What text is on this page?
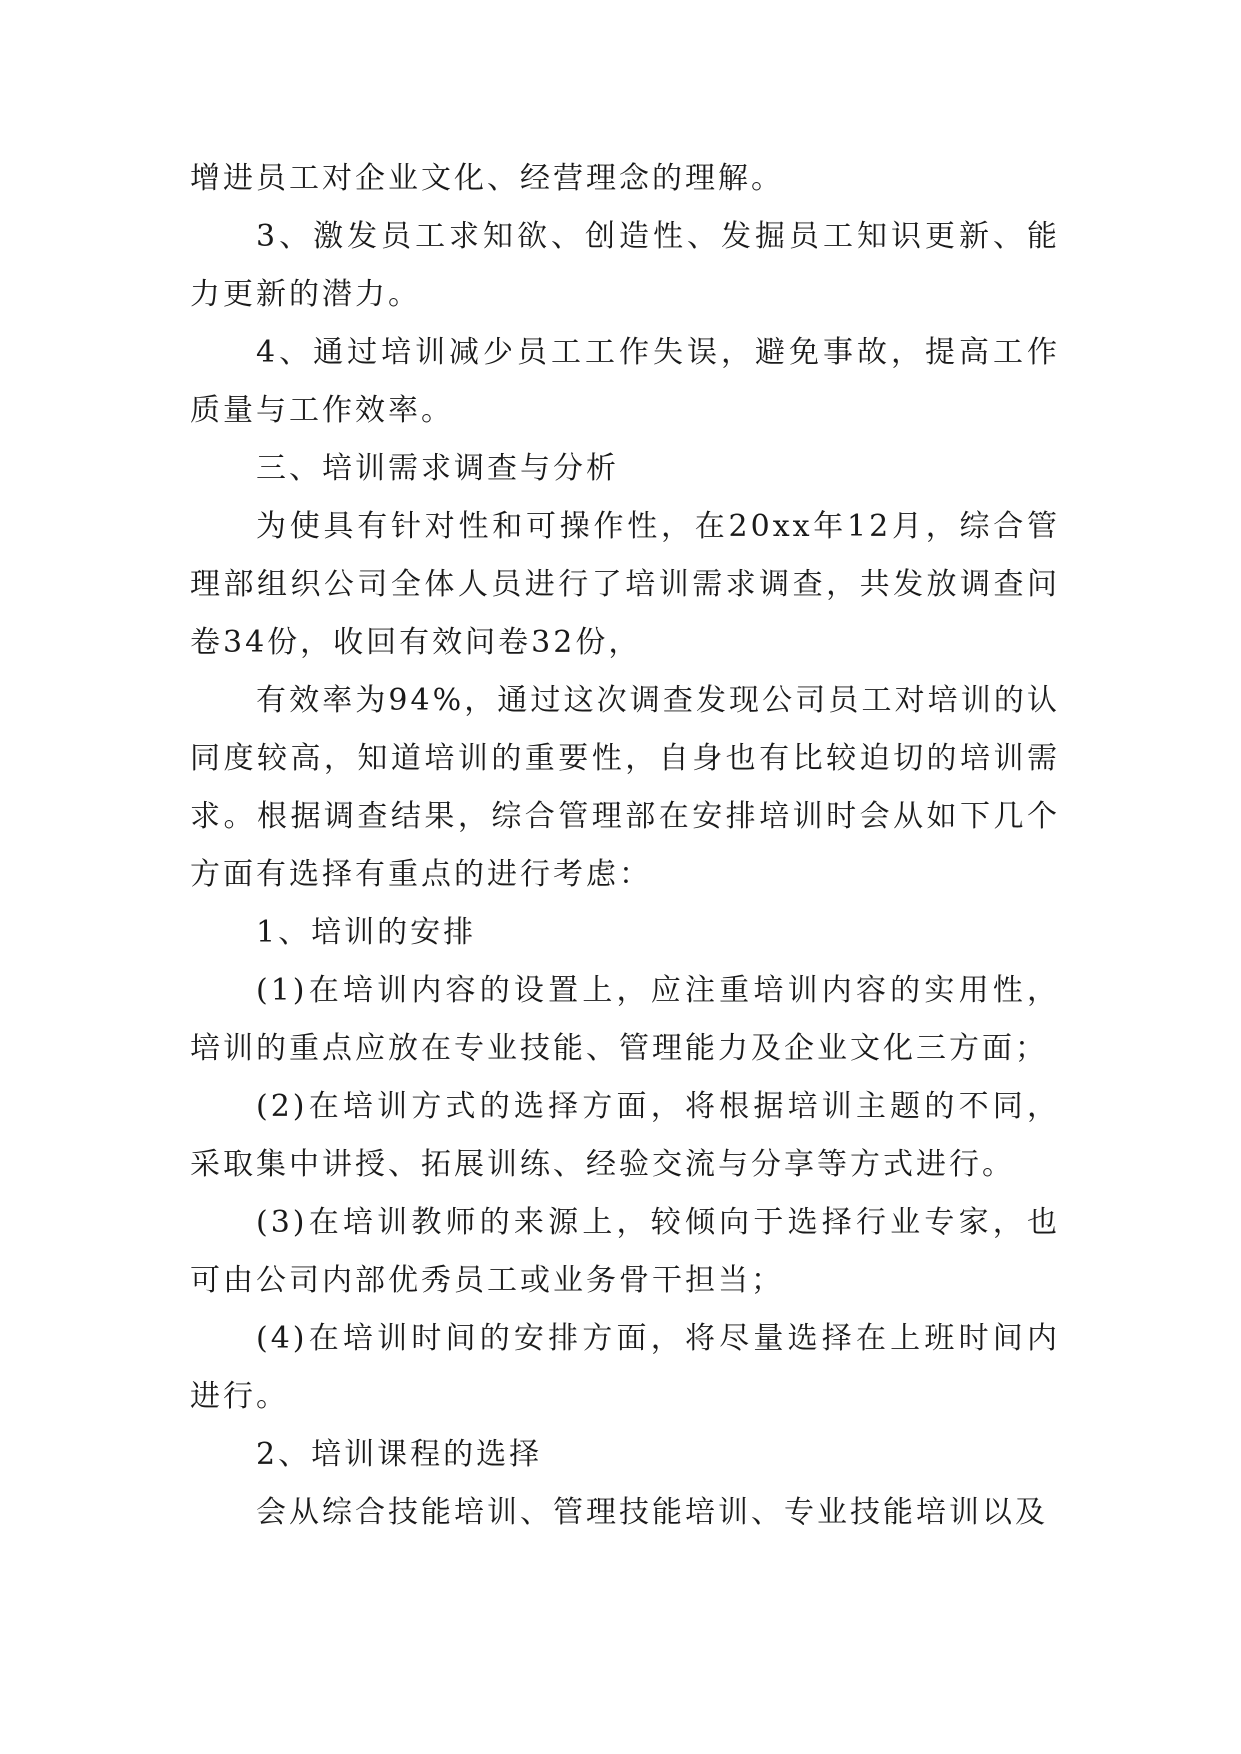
增进员工对企业文化、经营理念的理解。

3、激发员工求知欲、创造性、发掘员工知识更新、能力更新的潜力。

4、通过培训减少员工工作失误，避免事故，提高工作质量与工作效率。

三、培训需求调查与分析

为使具有针对性和可操作性，在20xx年12月，综合管理部组织公司全体人员进行了培训需求调查，共发放调查问卷34份，收回有效问卷32份，

有效率为94%，通过这次调查发现公司员工对培训的认同度较高，知道培训的重要性，自身也有比较迫切的培训需求。根据调查结果，综合管理部在安排培训时会从如下几个方面有选择有重点的进行考虑：

1、培训的安排

(1)在培训内容的设置上，应注重培训内容的实用性，培训的重点应放在专业技能、管理能力及企业文化三方面；

(2)在培训方式的选择方面，将根据培训主题的不同，采取集中讲授、拓展训练、经验交流与分享等方式进行。

(3)在培训教师的来源上，较倾向于选择行业专家，也可由公司内部优秀员工或业务骨干担当；

(4)在培训时间的安排方面，将尽量选择在上班时间内进行。

2、培训课程的选择

会从综合技能培训、管理技能培训、专业技能培训以及
